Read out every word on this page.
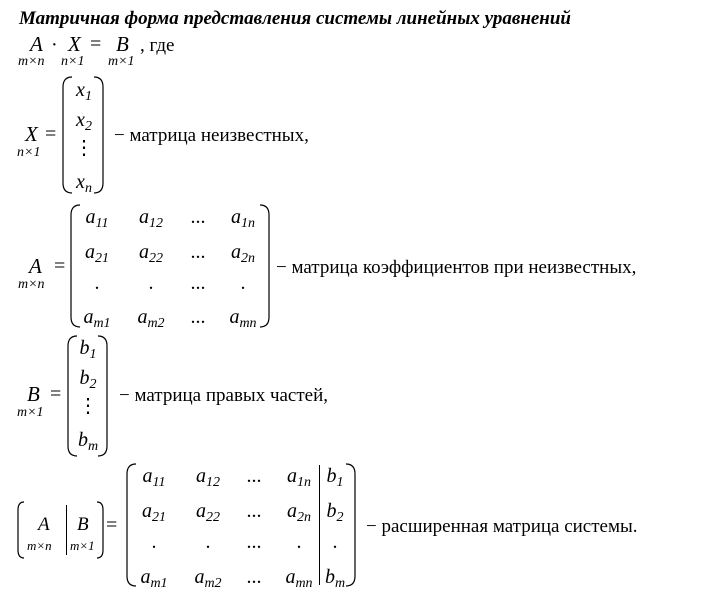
Матричная форма представления системы линейных уравнений
A · X = B , где
m×n n×1 m×1
X
n×1
=
$x_1$
$x_2$
⋮
$x_n$
− матрица неизвестных,
A
m×n
=
$a_{11}$ $a_{12}$ ... $a_{1n}$
$a_{21}$ $a_{22}$ ... $a_{2n}$
. . ... .
$a_{m1}$ $a_{m2}$ ... $a_{mn}$
− матрица коэффициентов при неизвестных,
B
m×1
=
$b_1$
$b_2$
⋮
$b_m$
− матрица правых частей,
A
m×n
B
m×1
=
$a_{11}$ $a_{12}$ ... $a_{1n}$ $b_1$
$a_{21}$ $a_{22}$ ... $a_{2n}$ $b_2$
. . ... . .
$a_{m1}$ $a_{m2}$ ... $a_{mn}$ $b_m$
− расширенная матрица системы.
